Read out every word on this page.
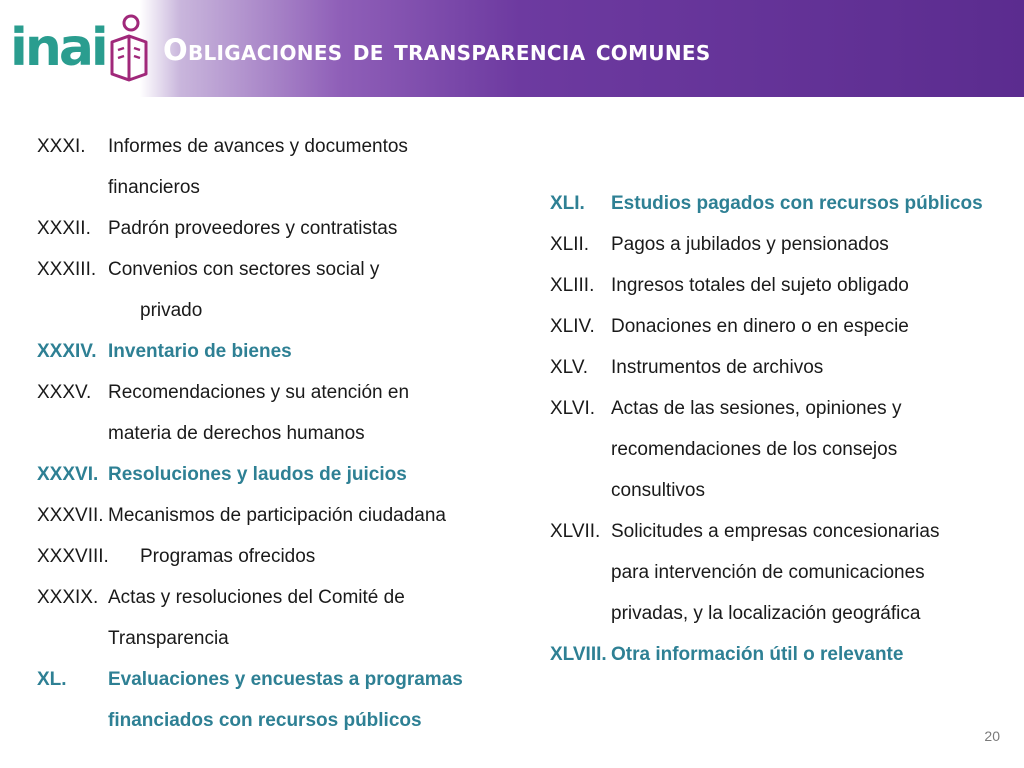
inai Obligaciones de transparencia comunes
XXXI. Informes de avances y documentos
financieros
XXXII. Padrón proveedores y contratistas
XXXIII. Convenios con sectores social y
privado
XXXIV. Inventario de bienes
XXXV. Recomendaciones y su atención en
materia de derechos humanos
XXXVI. Resoluciones y laudos de juicios
XXXVII. Mecanismos de participación ciudadana
XXXVIII. Programas ofrecidos
XXXIX. Actas y resoluciones del Comité de
Transparencia
XL. Evaluaciones y encuestas a programas
financiados con recursos públicos
XLI. Estudios pagados con recursos públicos
XLII. Pagos a jubilados y pensionados
XLIII. Ingresos totales del sujeto obligado
XLIV. Donaciones en dinero o en especie
XLV. Instrumentos de archivos
XLVI. Actas de las sesiones, opiniones y
recomendaciones de los consejos
consultivos
XLVII. Solicitudes a empresas concesionarias
para intervención de comunicaciones
privadas, y la localización geográfica
XLVIII. Otra información útil o relevante
20
